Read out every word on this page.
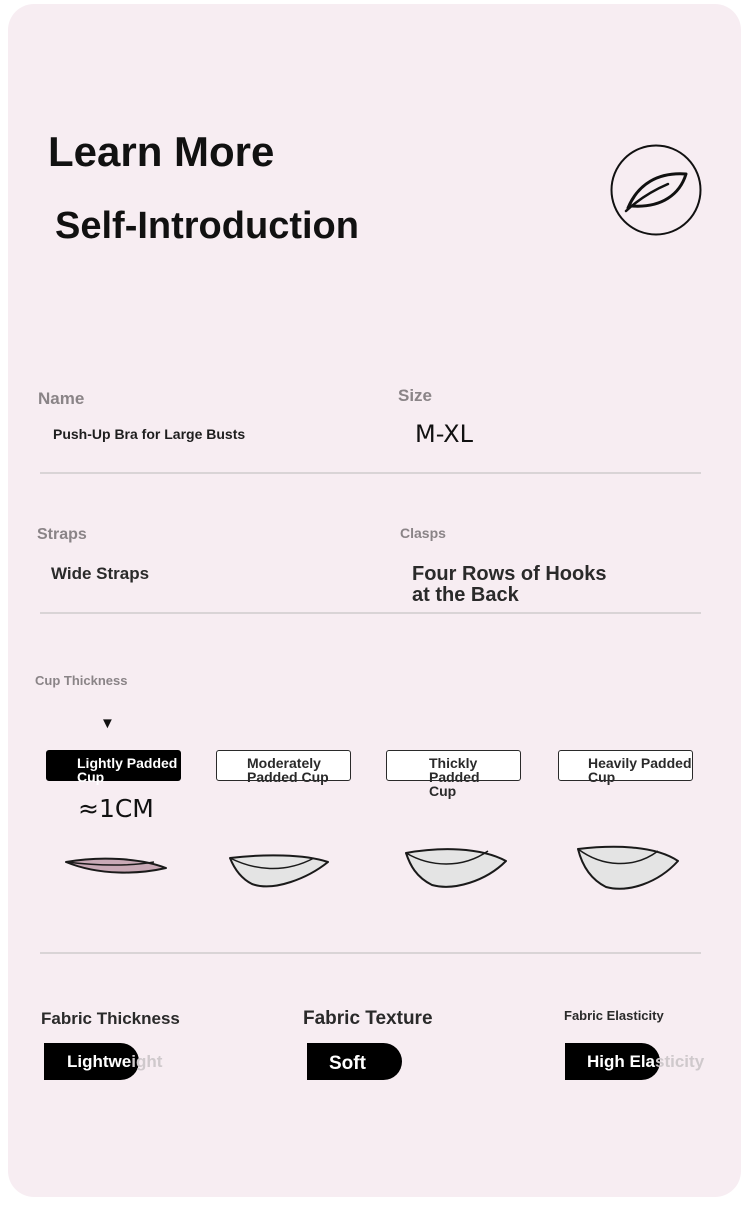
Learn More
Self-Introduction
Name
Push-Up Bra for Large Busts
Size
M-XL
Straps
Wide Straps
Clasps
Four Rows of Hooks
at the Back
Cup Thickness
▼
Lightly Padded
Cup
Moderately
Padded Cup
Thickly Padded
Cup
Heavily Padded
Cup
≈1CM
Fabric Thickness
Lightweight
Fabric Texture
Soft
Fabric Elasticity
High Elasticity
